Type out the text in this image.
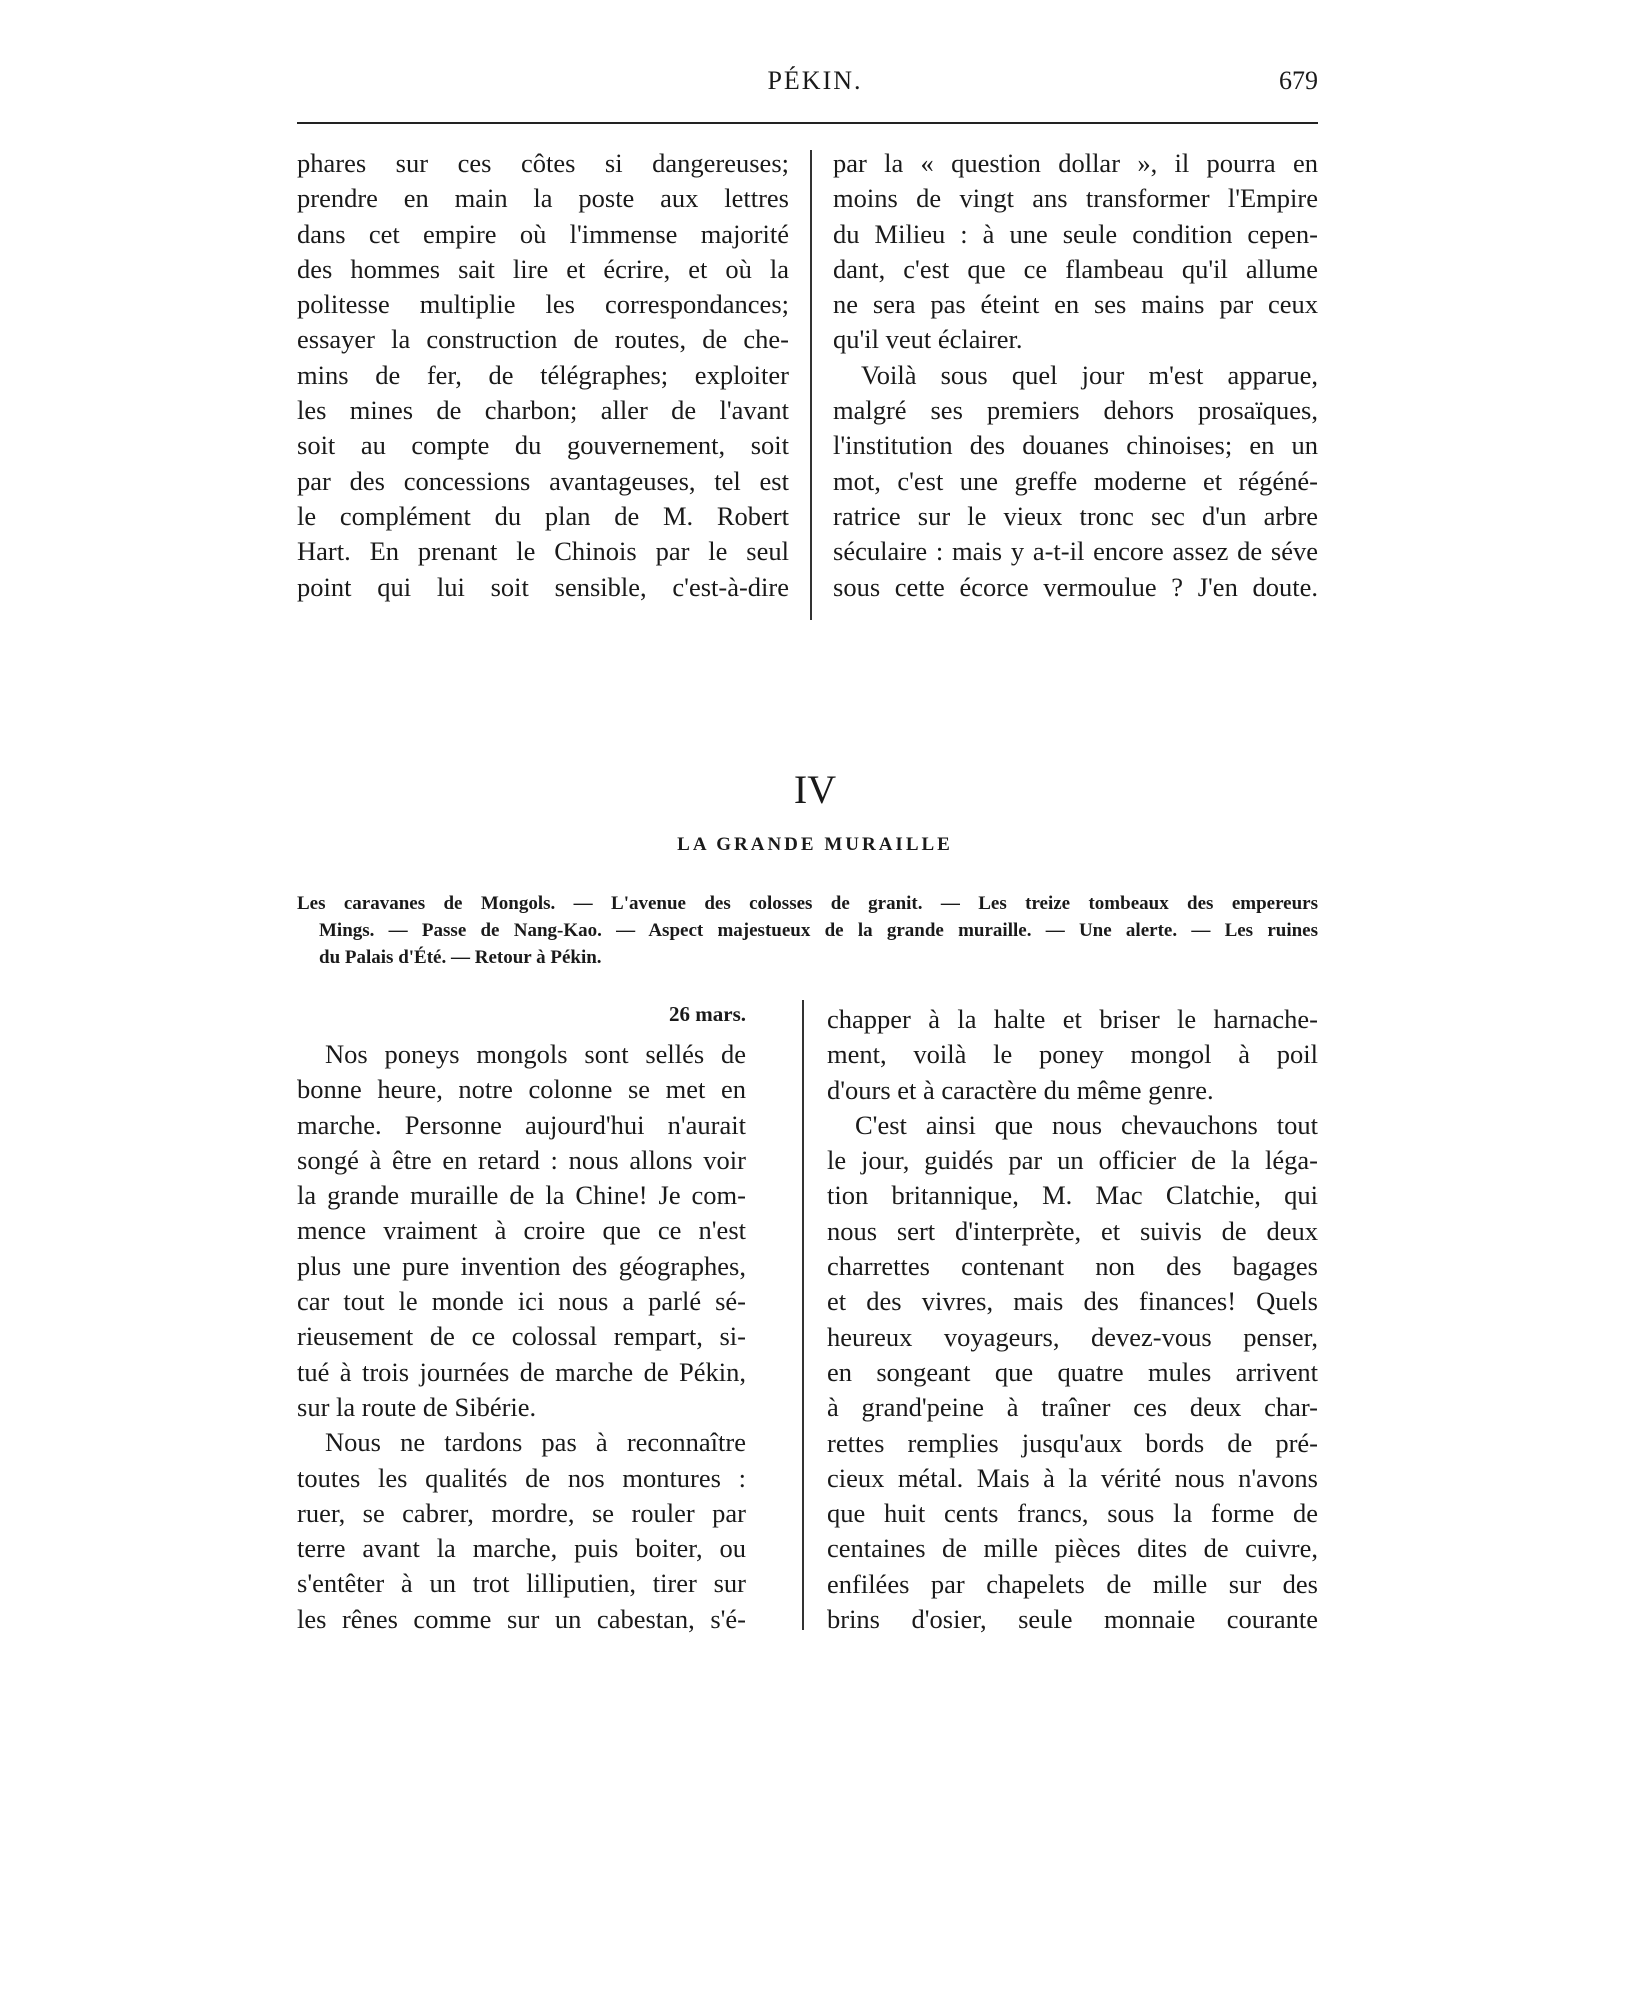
PÉKIN.	679
phares sur ces côtes si dangereuses;
prendre en main la poste aux lettres
dans cet empire où l'immense majorité
des hommes sait lire et écrire, et où la
politesse multiplie les correspondances;
essayer la construction de routes, de che-
mins de fer, de télégraphes; exploiter
les mines de charbon; aller de l'avant
soit au compte du gouvernement, soit
par des concessions avantageuses, tel est
le complément du plan de M. Robert
Hart. En prenant le Chinois par le seul
point qui lui soit sensible, c'est-à-dire
par la « question dollar », il pourra en
moins de vingt ans transformer l'Empire
du Milieu : à une seule condition cepen-
dant, c'est que ce flambeau qu'il allume
ne sera pas éteint en ses mains par ceux
qu'il veut éclairer.
Voilà sous quel jour m'est apparue,
malgré ses premiers dehors prosaïques,
l'institution des douanes chinoises; en un
mot, c'est une greffe moderne et régéné-
ratrice sur le vieux tronc sec d'un arbre
séculaire : mais y a-t-il encore assez de séve
sous cette écorce vermoulue ? J'en doute.
IV
LA GRANDE MURAILLE
Les caravanes de Mongols. — L'avenue des colosses de granit. — Les treize tombeaux des empereurs
Mings. — Passe de Nang-Kao. — Aspect majestueux de la grande muraille. — Une alerte. — Les ruines
du Palais d'Été. — Retour à Pékin.
26 mars.
Nos poneys mongols sont sellés de
bonne heure, notre colonne se met en
marche. Personne aujourd'hui n'aurait
songé à être en retard : nous allons voir
la grande muraille de la Chine! Je com-
mence vraiment à croire que ce n'est
plus une pure invention des géographes,
car tout le monde ici nous a parlé sé-
rieusement de ce colossal rempart, si-
tué à trois journées de marche de Pékin,
sur la route de Sibérie.
Nous ne tardons pas à reconnaître
toutes les qualités de nos montures :
ruer, se cabrer, mordre, se rouler par
terre avant la marche, puis boiter, ou
s'entêter à un trot lilliputien, tirer sur
les rênes comme sur un cabestan, s'é-
chapper à la halte et briser le harnache-
ment, voilà le poney mongol à poil
d'ours et à caractère du même genre.
C'est ainsi que nous chevauchons tout
le jour, guidés par un officier de la léga-
tion britannique, M. Mac Clatchie, qui
nous sert d'interprète, et suivis de deux
charrettes contenant non des bagages
et des vivres, mais des finances! Quels
heureux voyageurs, devez-vous penser,
en songeant que quatre mules arrivent
à grand'peine à traîner ces deux char-
rettes remplies jusqu'aux bords de pré-
cieux métal. Mais à la vérité nous n'avons
que huit cents francs, sous la forme de
centaines de mille pièces dites de cuivre,
enfilées par chapelets de mille sur des
brins d'osier, seule monnaie courante
